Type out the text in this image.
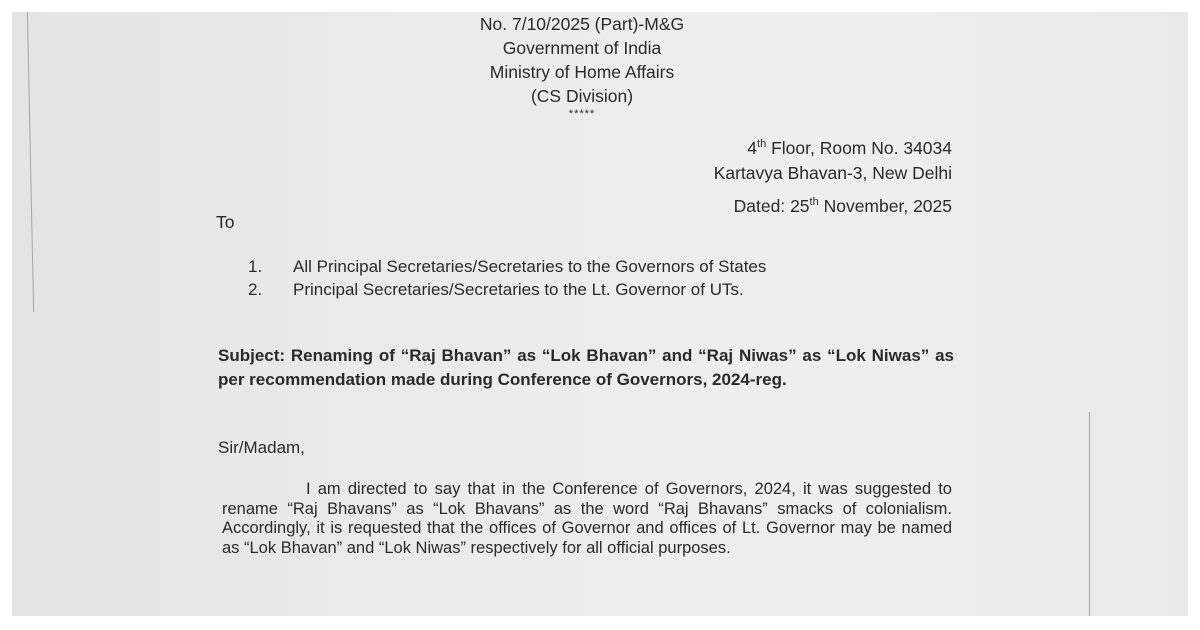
No. 7/10/2025 (Part)-M&G
Government of India
Ministry of Home Affairs
(CS Division)
*****
4th Floor, Room No. 34034
Kartavya Bhavan-3, New Delhi
Dated: 25th November, 2025
To
1. All Principal Secretaries/Secretaries to the Governors of States
2. Principal Secretaries/Secretaries to the Lt. Governor of UTs.
Subject: Renaming of “Raj Bhavan” as “Lok Bhavan” and “Raj Niwas” as “Lok Niwas” as per recommendation made during Conference of Governors, 2024-reg.
Sir/Madam,
I am directed to say that in the Conference of Governors, 2024, it was suggested to rename “Raj Bhavans” as “Lok Bhavans” as the word “Raj Bhavans” smacks of colonialism. Accordingly, it is requested that the offices of Governor and offices of Lt. Governor may be named as “Lok Bhavan” and “Lok Niwas” respectively for all official purposes.
